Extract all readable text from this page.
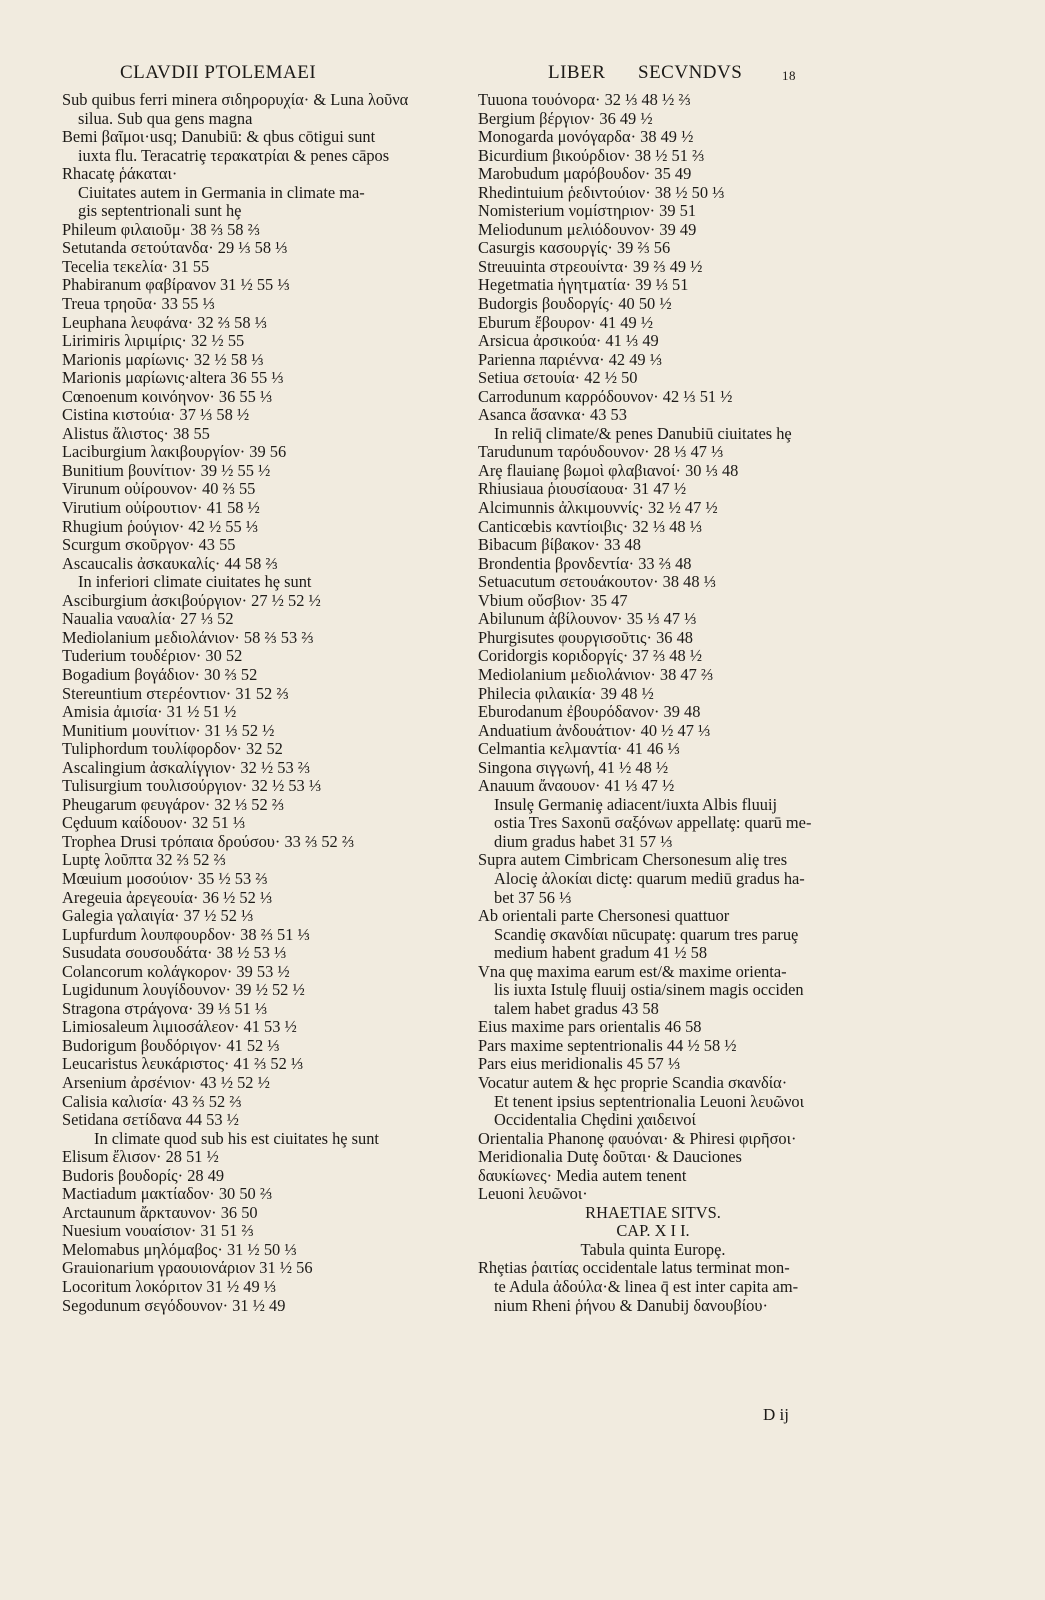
CLAVDII PTOLEMAEI	LIBER SECVNDVS	18
Sub quibus ferri minera σιδηρορυχία· & Luna λοῦνα
silua. Sub qua gens magna
Bemi βαῖμοι·usq; Danubiū: & qbus cōtigui sunt
iuxta flu. Teracatriȩ τερακατρίαι & penes cāpos
Rhacatȩ ῥάκαται·
Ciuitates autem in Germania in climate ma-
gis septentrionali sunt hȩ
Phileum φιλαιοῦμ· 38 ⅔ 58 ⅔
Setutanda σετούτανδα· 29 ⅓ 58 ⅓
Tecelia τεκελία· 31 55
Phabiranum φαβίρανον 31 ½ 55 ⅓
Treua τρηοῦα· 33 55 ⅓
Leuphana λευφάνα· 32 ⅔ 58 ⅓
Lirimiris λιριμίρις· 32 ½ 55
Marionis μαρίωνις· 32 ½ 58 ⅓
Marionis μαρίωνις·altera 36 55 ⅓
Cœnoenum κοινόηνον· 36 55 ⅓
Cistina κιστούια· 37 ⅓ 58 ½
Alistus ἄλιστος· 38 55
Laciburgium λακιβουργίον· 39 56
Bunitium βουνίτιον· 39 ½ 55 ½
Virunum οὐίρουνον· 40 ⅔ 55
Virutium οὐίρουτιον· 41 58 ½
Rhugium ῥούγιον· 42 ½ 55 ⅓
Scurgum σκοῦργον· 43 55
Ascaucalis ἀσκαυκαλίς· 44 58 ⅔
In inferiori climate ciuitates hȩ sunt
Asciburgium ἀσκιβούργιον· 27 ½ 52 ½
Naualia ναυαλία· 27 ⅓ 52
Mediolanium μεδιολάνιον· 58 ⅔ 53 ⅔
Tuderium τουδέριον· 30 52
Bogadium βογάδιον· 30 ⅔ 52
Stereuntium στερέοντιον· 31 52 ⅔
Amisia ἀμισία· 31 ½ 51 ½
Munitium μουνίτιον· 31 ⅓ 52 ½
Tuliphordum τουλίφορδον· 32 52
Ascalingium ἀσκαλίγγιον· 32 ½ 53 ⅔
Tulisurgium τουλισούργιον· 32 ½ 53 ⅓
Pheugarum φευγάρον· 32 ⅓ 52 ⅔
Cȩduum καίδουον· 32 51 ⅓
Trophea Drusi τρόπαια δρούσου· 33 ⅔ 52 ⅔
Luptȩ λοῦπτα 32 ⅔ 52 ⅔
Mœuium μοσούιον· 35 ½ 53 ⅔
Aregeuia ἀρεγεουία· 36 ½ 52 ⅓
Galegia γαλαιγία· 37 ½ 52 ⅓
Lupfurdum λουπφουρδον· 38 ⅔ 51 ⅓
Susudata σουσουδάτα· 38 ½ 53 ⅓
Colancorum κολάγκορον· 39 53 ½
Lugidunum λουγίδουνον· 39 ½ 52 ½
Stragona στράγονα· 39 ⅓ 51 ⅓
Limiosaleum λιμιοσάλεον· 41 53 ½
Budorigum βουδόριγον· 41 52 ⅓
Leucaristus λευκάριστος· 41 ⅔ 52 ⅓
Arsenium ἀρσένιον· 43 ½ 52 ½
Calisia καλισία· 43 ⅔ 52 ⅔
Setidana σετίδανα 44 53 ½
In climate quod sub his est ciuitates hȩ sunt
Elisum ἔλισον· 28 51 ½
Budoris βουδορίς· 28 49
Mactiadum μακτίαδον· 30 50 ⅔
Arctaunum ἄρκταυνον· 36 50
Nuesium νουαίσιον· 31 51 ⅔
Melomabus μηλόμαβος· 31 ½ 50 ⅓
Grauionarium γραουιονάριον 31 ½ 56
Locoritum λοκόριτον 31 ½ 49 ⅓
Segodunum σεγόδουνον· 31 ½ 49
Tuuona τουόνορα· 32 ⅓ 48 ½ ⅔
Bergium βέργιον· 36 49 ½
Monogarda μονόγαρδα· 38 49 ½
Bicurdium βικούρδιον· 38 ½ 51 ⅔
Marobudum μαρόβουδον· 35 49
Rhedintuium ῥεδιντούιον· 38 ½ 50 ⅓
Nomisterium νομίστηριον· 39 51
Meliodunum μελιόδουνον· 39 49
Casurgis κασουργίς· 39 ⅔ 56
Streuuinta στρεουίντα· 39 ⅔ 49 ½
Hegetmatia ἡγητματία· 39 ⅓ 51
Budorgis βουδοργίς· 40 50 ½
Eburum ἔβουρον· 41 49 ½
Arsicua ἀρσικούα· 41 ⅓ 49
Parienna παριέννα· 42 49 ⅓
Setiua σετουία· 42 ½ 50
Carrodunum καρρόδουνον· 42 ⅓ 51 ½
Asanca ἄσανκα· 43 53
In reliq̄ climate/& penes Danubiū ciuitates hȩ
Tarudunum ταρόυδουνον· 28 ⅓ 47 ⅓
Arȩ flauianȩ βωμοὶ φλαβιανοί· 30 ⅓ 48
Rhiusiaua ῥιουσίαουα· 31 47 ½
Alcimunnis ἀλκιμουννίς· 32 ½ 47 ½
Canticœbis καντίοιβις· 32 ⅓ 48 ⅓
Bibacum βίβακον· 33 48
Brondentia βρονδεντία· 33 ⅔ 48
Setuacutum σετουάκουτον· 38 48 ⅓
Vbium οὔσβιον· 35 47
Abilunum ἀβίλουνον· 35 ⅓ 47 ⅓
Phurgisutes φουργισοῦτις· 36 48
Coridorgis κοριδοργίς· 37 ⅔ 48 ½
Mediolanium μεδιολάνιον· 38 47 ⅔
Philecia φιλαικία· 39 48 ½
Eburodanum ἐβουρόδανον· 39 48
Anduatium ἀνδουάτιον· 40 ½ 47 ⅓
Celmantia κελμαντία· 41 46 ⅓
Singona σιγγωνή, 41 ½ 48 ½
Anauum ἄναουον· 41 ⅓ 47 ½
Insulȩ Germaniȩ adiacent/iuxta Albis fluuij
ostia Tres Saxonū σαξόνων appellatȩ: quarū me-
dium gradus habet 31 57 ⅓
Supra autem Cimbricam Chersonesum aliȩ tres
Alociȩ ἀλοκίαι dictȩ: quarum mediū gradus ha-
bet 37 56 ⅓
Ab orientali parte Chersonesi quattuor
Scandiȩ σκανδίαι nūcupatȩ: quarum tres paruȩ
medium habent gradum 41 ½ 58
Vna quȩ maxima earum est/& maxime orienta-
lis iuxta Istulȩ fluuij ostia/sinem magis occiden
talem habet gradus 43 58
Eius maxime pars orientalis 46 58
Pars maxime septentrionalis 44 ½ 58 ½
Pars eius meridionalis 45 57 ⅓
Vocatur autem & hȩc proprie Scandia σκανδία·
Et tenent ipsius septentrionalia Leuoni λευῶνοι
Occidentalia Chȩdini χαιδεινοί
Orientalia Phanonȩ φαυόναι· & Phiresi φιρῆσοι·
Meridionalia Dutȩ δοῦται· & Dauciones
δαυκίωνες· Media autem tenent
Leuoni λευῶνοι·
RHAETIAE SITVS.
CAP. X I I.
Tabula quinta Europȩ.
Rhȩtias ῥαιτίας occidentale latus terminat mon-
te Adula ἀδούλα·& linea q̄ est inter capita am-
nium Rheni ῥήνου & Danubij δανουβίου·
D ij
